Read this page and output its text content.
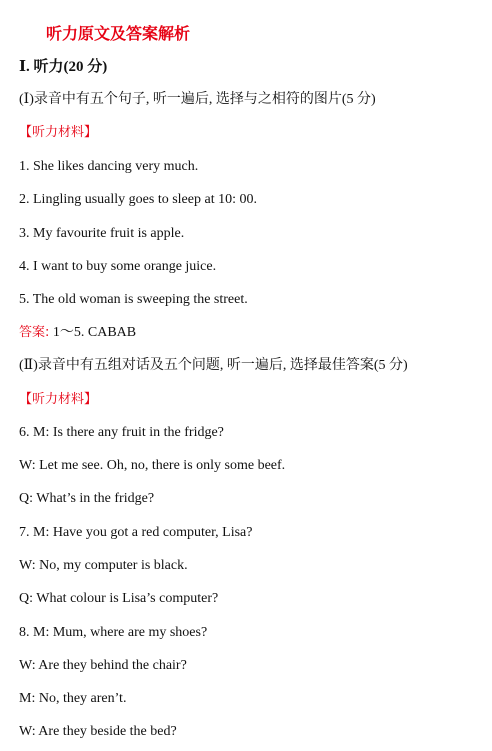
听力原文及答案解析
Ⅰ. 听力(20 分)
(Ⅰ)录音中有五个句子, 听一遍后, 选择与之相符的图片(5 分)
【听力材料】
1. She likes dancing very much.
2. Lingling usually goes to sleep at 10: 00.
3. My favourite fruit is apple.
4. I want to buy some orange juice.
5. The old woman is sweeping the street.
答案: 1～5. CABAB
(Ⅱ)录音中有五组对话及五个问题, 听一遍后, 选择最佳答案(5 分)
【听力材料】
6. M: Is there any fruit in the fridge?
W: Let me see. Oh, no, there is only some beef.
Q: What’s in the fridge?
7. M: Have you got a red computer, Lisa?
W: No, my computer is black.
Q: What colour is Lisa’s computer?
8. M: Mum, where are my shoes?
W: Are they behind the chair?
M: No, they aren’t.
W: Are they beside the bed?
